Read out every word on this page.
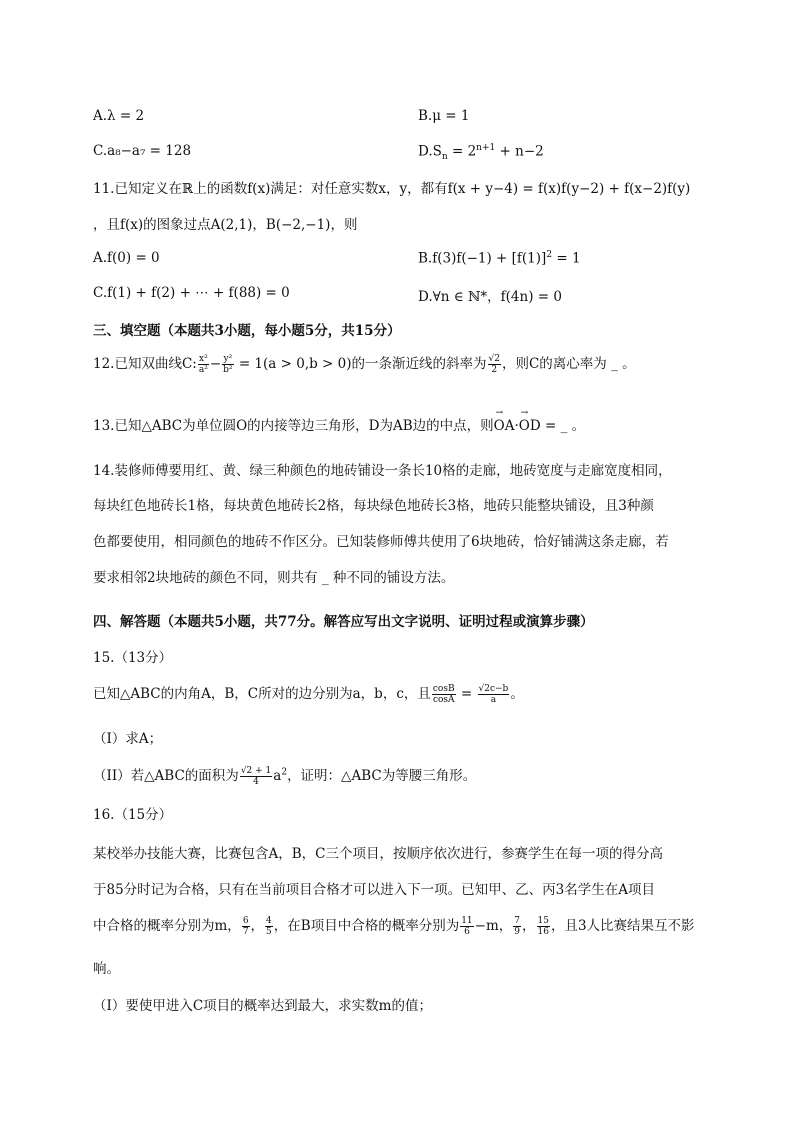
A.λ = 2	B.μ = 1
C.a₈−a₇ = 128	$D.S_n = 2^{n+1} + n-2$
11.已知定义在ℝ上的函数f(x)满足：对任意实数x，y，都有f(x + y−4) = f(x)f(y−2) + f(x−2)f(y)
，且f(x)的图象过点A(2,1)，B(−2,−1)，则
A.f(0) = 0	$B.f(3)f(-1) + [f(1)]^2 = 1$
C.f(1) + f(2) + ⋯ + f(88) = 0	D.∀n ∈ ℕ*，f(4n) = 0
三、填空题（本题共3小题，每小题5分，共15分）
12.已知双曲线C: $\frac{\text{x²}}{\text{a²}} - \frac{\text{y²}}{\text{b²}} = 1(a > 0,b > 0)$的一条渐近线的斜率为 $\frac{√2}{2}$ ，则C的离心率为 _ 。
13.已知△ABC为单位圆O的内接等边三角形，D为AB边的中点，则→ OA·→ OD = _ 。
14.装修师傅要用红、黄、绿三种颜色的地砖铺设一条长10格的走廊，地砖宽度与走廊宽度相同，
每块红色地砖长1格，每块黄色地砖长2格，每块绿色地砖长3格，地砖只能整块铺设，且3种颜
色都要使用，相同颜色的地砖不作区分。已知装修师傅共使用了6块地砖，恰好铺满这条走廊，若
要求相邻2块地砖的颜色不同，则共有 _ 种不同的铺设方法。
四、解答题（本题共5小题，共77分。解答应写出文字说明、证明过程或演算步骤）
15.（13分）
已知△ABC的内角A，B，C所对的边分别为a，b，c，且 $\frac{\cos B}{\cos A} = \frac{√2c-b}{a}$ 。
（I）求A；
（II）若△ABC的面积为 $\frac{√2 + 1}{4} a^2$，证明：△ABC为等腰三角形。
16.（15分）
某校举办技能大赛，比赛包含A，B，C三个项目，按顺序依次进行，参赛学生在每一项的得分高
于85分时记为合格，只有在当前项目合格才可以进入下一项。已知甲、乙、丙3名学生在A项目
中合格的概率分别为m， $\frac{6}{7}$ ， $\frac{4}{5}$ ，在B项目中合格的概率分别为 $\frac{11}{6} -m$， $\frac{7}{9}$ ， $\frac{15}{16}$ ，且3人比赛结果互不影
响。
（I）要使甲进入C项目的概率达到最大，求实数m的值；
